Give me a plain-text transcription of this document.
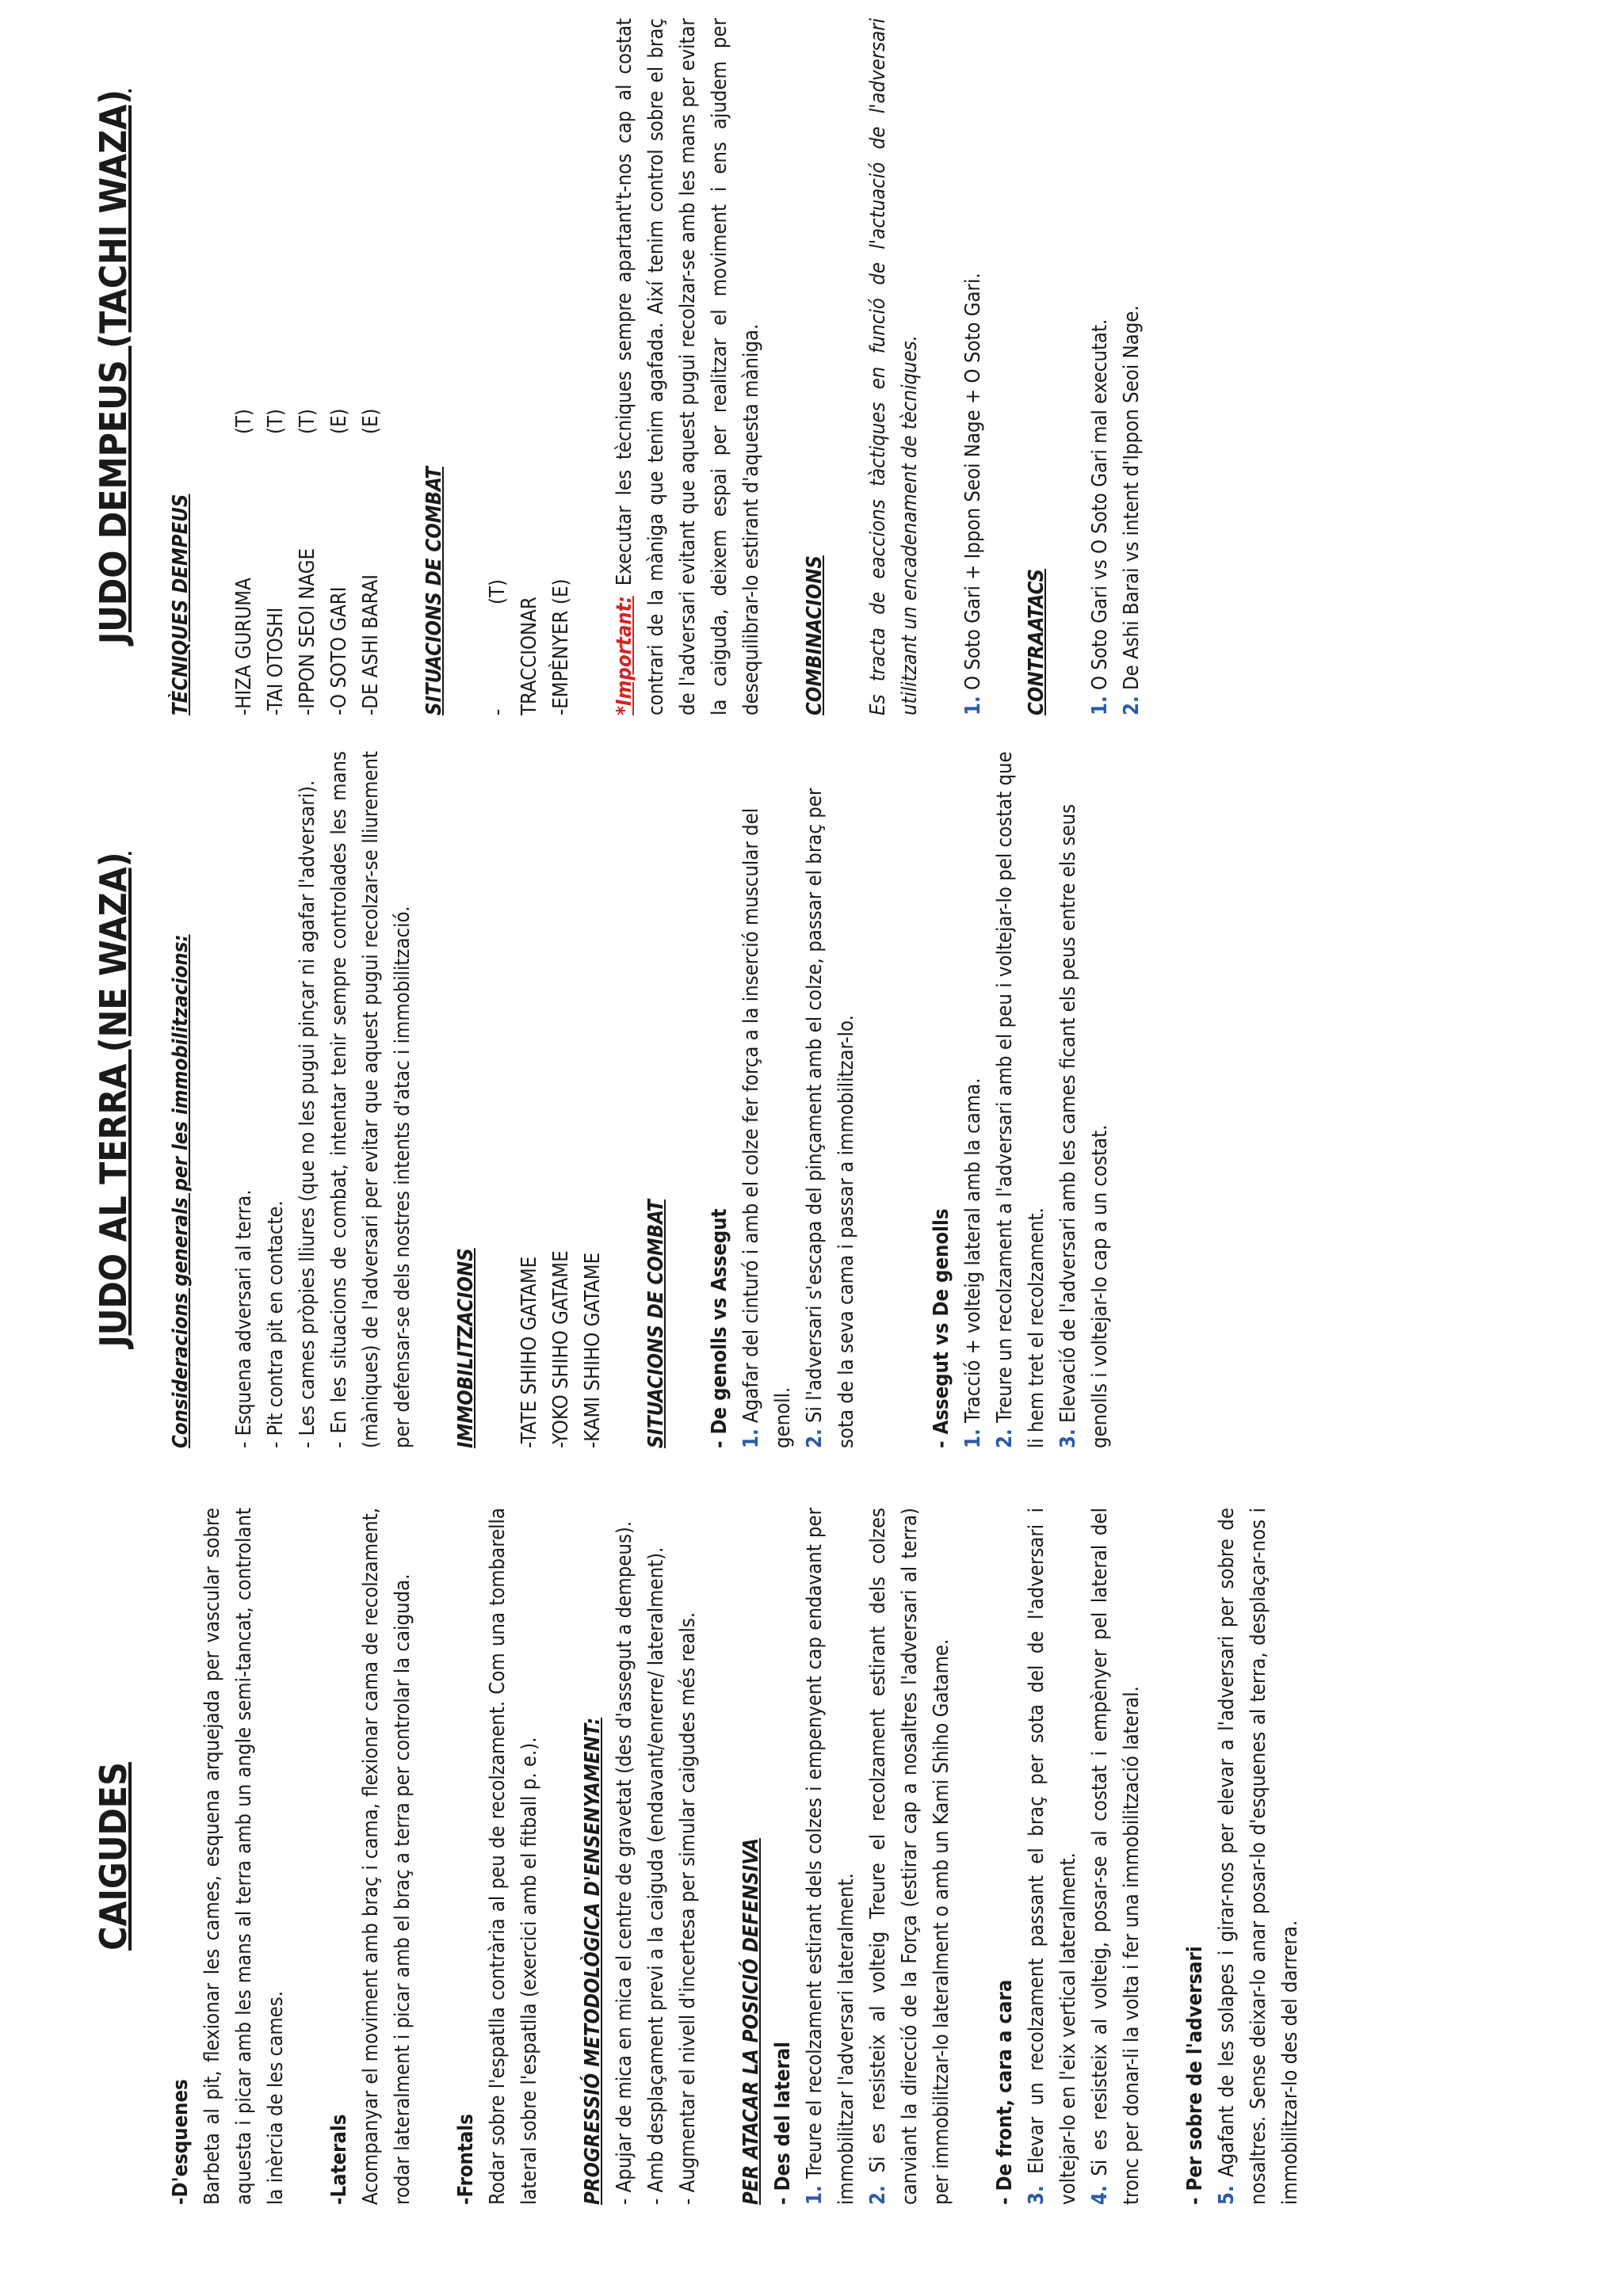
CAIGUDES

-D'esquenes Barbeta al pit, flexionar les cames, esquena arquejada per vascular sobre aquesta i picar amb les mans al terra amb un angle semi-tancat, controlant la inèrcia de les cames. -Laterals Acompanyar el moviment amb braç i cama, flexionar cama de recolzament, rodar lateralment i picar amb el braç a terra per controlar la caiguda. -Frontals Rodar sobre l'espatlla contrària al peu de recolzament. Com una tombarella lateral sobre l'espatlla (exercici amb el fitball p. e.). PROGRESSIÓ METODOLÒGICA D'ENSENYAMENT: - Apujar de mica en mica el centre de gravetat (des d'assegut a dempeus). - Amb desplaçament previ a la caiguda (endavant/enrerre/ lateralment). - Augmentar el nivell d'incertesa per simular caigudes més reals. PER ATACAR LA POSICIÓ DEFENSIVA - Des del lateral 1. Treure el recolzament estirant dels colzes i empenyent cap endavant per immobilitzar l'adversari lateralment. 2. Si es resisteix al volteig Treure el recolzament estirant dels colzes canviant la direcció de la Força (estirar cap a nosaltres l'adversari al terra) per immobilitzar-lo lateralment o amb un Kami Shiho Gatame. - De front, cara a cara 3. Elevar un recolzament passant el braç per sota del de l'adversari i voltejar-lo en l'eix vertical lateralment. 4. Si es resisteix al volteig, posar-se al costat i empènyer pel lateral del tronc per donar-li la volta i fer una immobilització lateral. - Per sobre de l'adversari 5. Agafant de les solapes i girar-nos per elevar a l'adversari per sobre de nosaltres. Sense deixar-lo anar posar-lo d'esquenes al terra, desplaçar-nos i immobilitzar-lo des del darrera.

JUDO AL TERRA (NE WAZA) Consideracions generals per les immobilitzacions: - Esquena adversari al terra. - Pit contra pit en contacte. - Les cames pròpies lliures (que no les pugui pinçar ni agafar l'adversari). - En les situacions de combat, intentar tenir sempre controlades les mans (màniques) de l'adversari per evitar que aquest pugui recolzar-se lliurement per defensar-se dels nostres intents d'atac i immobilització. IMMOBILITZACIONS -TATE SHIHO GATAME -YOKO SHIHO GATAME -KAMI SHIHO GATAME SITUACIONS DE COMBAT - De genolls vs Assegut 1. Agafar del cinturó i amb el colze fer força a la inserció muscular del genoll. 2. Si l'adversari s'escapa del pinçament amb el colze, passar el braç per sota de la seva cama i passar a immobilitzar-lo.	- Assegut vs De genolls 1. Tracció + volteig lateral amb la cama.

2. Treure un recolzament a l'adversari amb el peu i voltejar-lo pel costat que li hem tret el recolzament. 3. Elevació de l'adversari amb les cames ficant els peus entre els seus genolls i voltejar-lo cap a un costat.

JUDO DEMPEUS (TACHI WAZA) TÈCNIQUES DEMPEUS -HIZA GURUMA
(T)
-TAI OTOSHI
(T)
-IPPON SEOI NAGE
(T)
-O SOTO GARI
(E)
-DE ASHI BARAI
(E)

SITUACIONS DE COMBAT -TRACCIONAR
(T)
-EMPÈNYER
(E)

*Important: Executar les tècniques sempre apartant't-nos cap al costat contrari de la màniga que tenim agafada. Així tenim control sobre el braç de l'adversari evitant que aquest pugui recolzar-se amb les mans per evitar la caiguda, deixem espai per realitzar el moviment i ens ajudem per desequilibrar-lo estirant d'aquesta màniga. COMBINACIONS Es tracta de eaccions tàctiques en funció de l'actuació de l'adversari utilitzant un encadenament de tècniques. 1. O Soto Gari + Ippon Seoi Nage + O Soto Gari. CONTRAATACS 1. O Soto Gari vs O Soto Gari mal executat.

2. De Ashi Barai vs intent d'Ippon Seoi Nage.
